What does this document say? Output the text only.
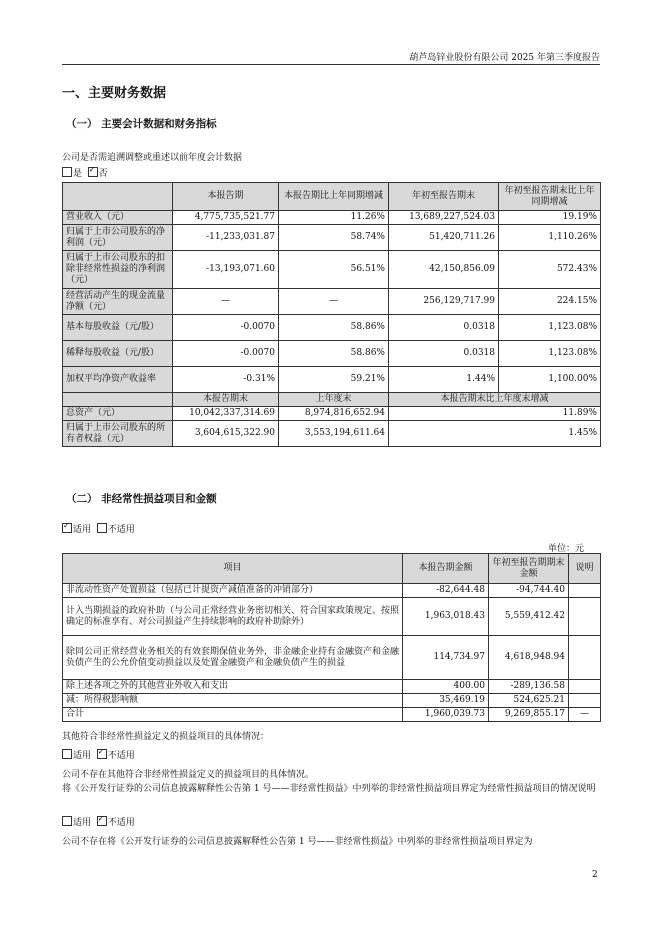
葫芦岛锌业股份有限公司 2025 年第三季度报告
一、主要财务数据
（一） 主要会计数据和财务指标
公司是否需追溯调整或重述以前年度会计数据
是 ✓ 否
	本报告期	本报告期比上年同期增减	年初至报告期末	年初至报告期末比上年同期增减
营业收入（元）	4,775,735,521.77	11.26%	13,689,227,524.03	19.19%
归属于上市公司股东的净利润（元）	-11,233,031.87	58.74%	51,420,711.26	1,110.26%
归属于上市公司股东的扣除非经常性损益的净利润（元）	-13,193,071.60	56.51%	42,150,856.09	572.43%
经营活动产生的现金流量净额（元）	—	—	256,129,717.99	224.15%
基本每股收益（元/股）	-0.0070	58.86%	0.0318	1,123.08%
稀释每股收益（元/股）	-0.0070	58.86%	0.0318	1,123.08%
加权平均净资产收益率	-0.31%	59.21%	1.44%	1,100.00%
	本报告期末	上年度末	本报告期末比上年度末增减	
总资产（元）	10,042,337,314.69	8,974,816,652.94	11.89%	
归属于上市公司股东的所有者权益（元）	3,604,615,322.90	3,553,194,611.64	1.45%	
（二） 非经常性损益项目和金额
✓适用 不适用
单位：元
项目	本报告期金额	年初至报告期期末金额	说明
非流动性资产处置损益（包括已计提资产减值准备的冲销部分）	-82,644.48	-94,744.40	
计入当期损益的政府补助（与公司正常经营业务密切相关、符合国家政策规定、按照确定的标准享有、对公司损益产生持续影响的政府补助除外）	1,963,018.43	5,559,412.42	
除同公司正常经营业务相关的有效套期保值业务外，非金融企业持有金融资产和金融负债产生的公允价值变动损益以及处置金融资产和金融负债产生的损益	114,734.97	4,618,948.94	
除上述各项之外的其他营业外收入和支出	400.00	-289,136.58	
减：所得税影响额	35,469.19	524,625.21	
合计	1,960,039.73	9,269,855.17	—
其他符合非经常性损益定义的损益项目的具体情况：
适用 ✓ 不适用
公司不存在其他符合非经常性损益定义的损益项目的具体情况。
将《公开发行证券的公司信息披露解释性公告第 1 号——非经常性损益》中列举的非经常性损益项目界定为经常性损益项目的情况说明
适用 ✓ 不适用
公司不存在将《公开发行证券的公司信息披露解释性公告第 1 号——非经常性损益》中列举的非经常性损益项目界定为
2
